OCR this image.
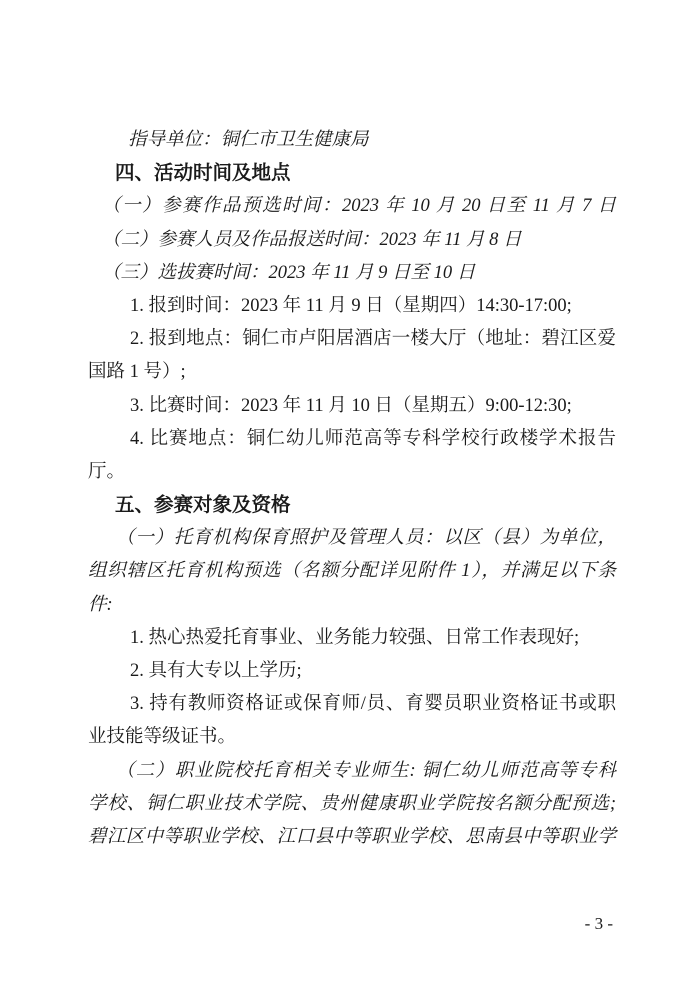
指导单位：铜仁市卫生健康局
四、活动时间及地点
（一）参赛作品预选时间：2023 年 10 月 20 日至 11 月 7 日
（二）参赛人员及作品报送时间：2023 年 11 月 8 日
（三）选拔赛时间：2023 年 11 月 9 日至 10 日
1. 报到时间：2023 年 11 月 9 日（星期四）14:30-17:00;
2. 报到地点：铜仁市卢阳居酒店一楼大厅（地址：碧江区爱
国路 1 号）;
3. 比赛时间：2023 年 11 月 10 日（星期五）9:00-12:30;
4. 比赛地点：铜仁幼儿师范高等专科学校行政楼学术报告
厅。
五、参赛对象及资格
（一）托育机构保育照护及管理人员：以区（县）为单位，
组织辖区托育机构预选（名额分配详见附件 1），并满足以下条
件:
1. 热心热爱托育事业、业务能力较强、日常工作表现好;
2. 具有大专以上学历;
3. 持有教师资格证或保育师/员、育婴员职业资格证书或职
业技能等级证书。
（二）职业院校托育相关专业师生: 铜仁幼儿师范高等专科
学校、铜仁职业技术学院、贵州健康职业学院按名额分配预选;
碧江区中等职业学校、江口县中等职业学校、思南县中等职业学
- 3 -
